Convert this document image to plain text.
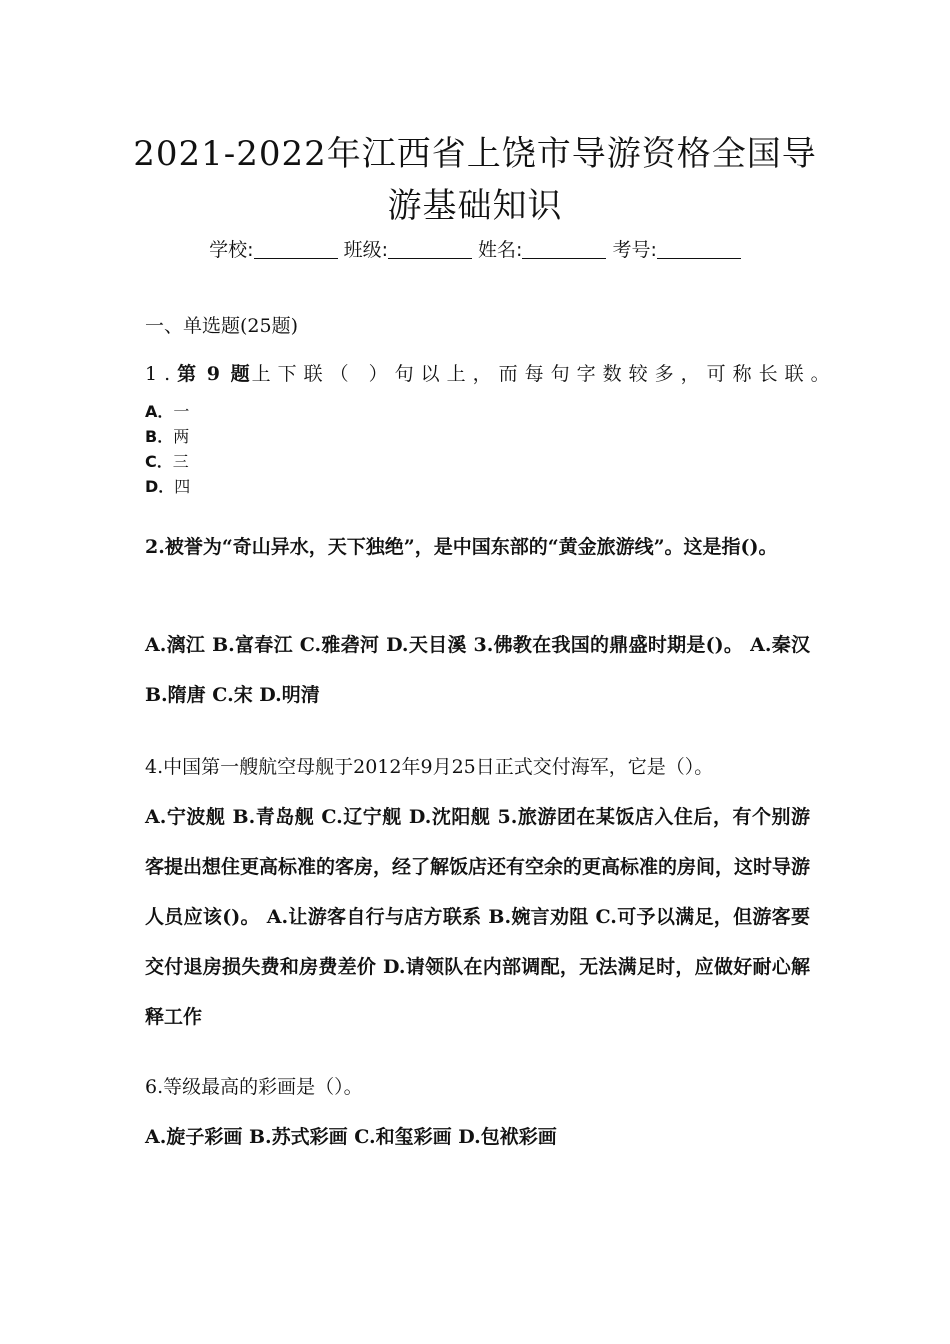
2021-2022年江西省上饶市导游资格全国导游基础知识
学校:	班级:	姓名:	考号:
一、单选题(25题)
1.第 9 题上下联（ ）句以上，而每句字数较多，可称长联。
A．一
B．两
C．三
D．四
2.被誉为“奇山异水，天下独绝”，是中国东部的“黄金旅游线”。这是指()。
A.漓江 B.富春江 C.雅砻河 D.天目溪 3.佛教在我国的鼎盛时期是()。 A.秦汉 B.隋唐 C.宋 D.明清
4.中国第一艘航空母舰于2012年9月25日正式交付海军，它是（）。
A.宁波舰 B.青岛舰 C.辽宁舰 D.沈阳舰 5.旅游团在某饭店入住后，有个别游客提出想住更高标准的客房，经了解饭店还有空余的更高标准的房间，这时导游人员应该()。 A.让游客自行与店方联系 B.婉言劝阻 C.可予以满足，但游客要交付退房损失费和房费差价 D.请领队在内部调配，无法满足时，应做好耐心解释工作
6.等级最高的彩画是（）。
A.旋子彩画 B.苏式彩画 C.和玺彩画 D.包袱彩画
